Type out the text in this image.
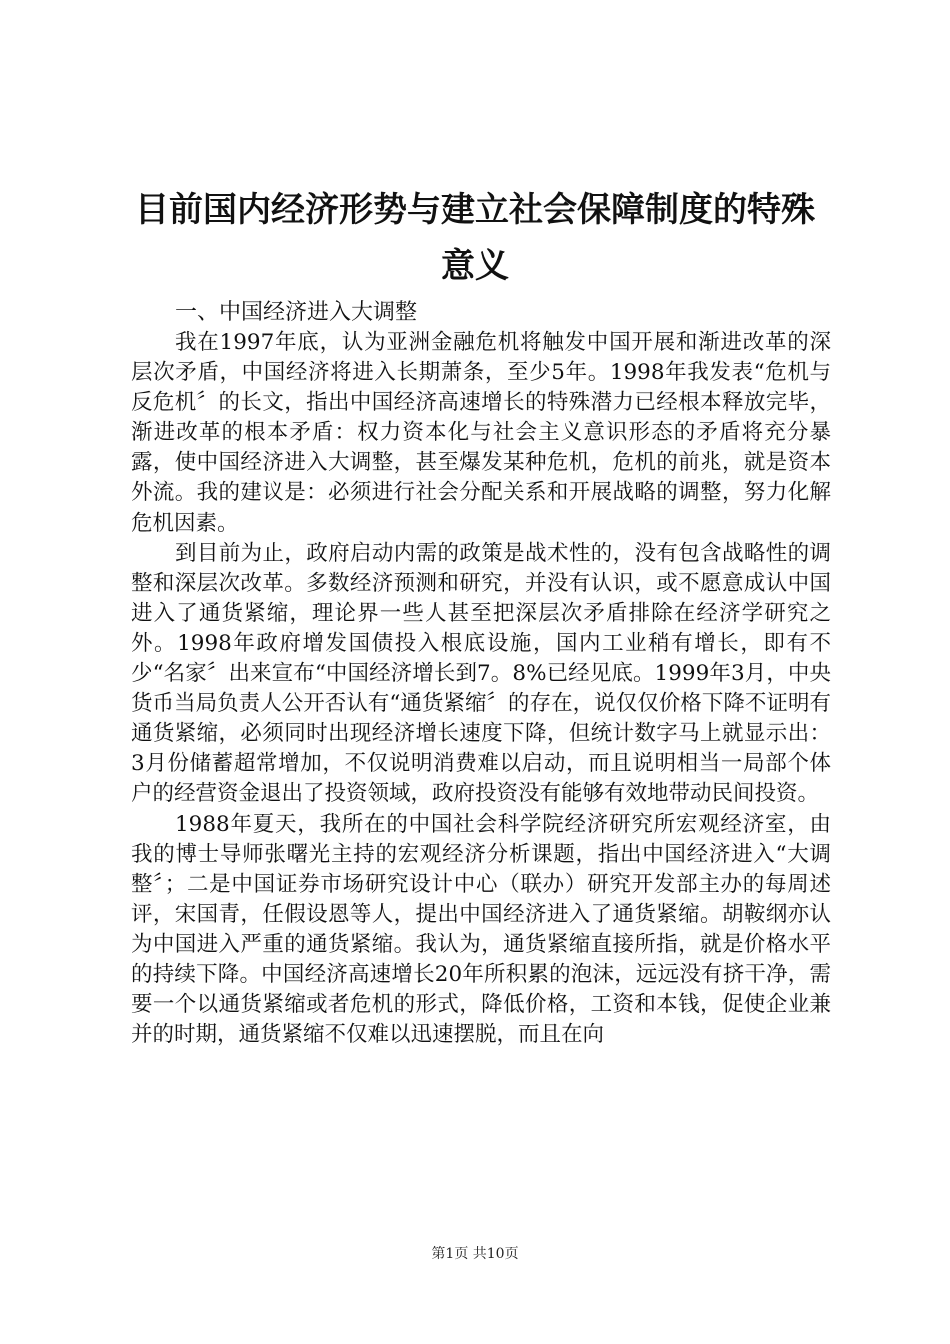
目前国内经济形势与建立社会保障制度的特殊
意义

一、中国经济进入大调整

我在1997年底，认为亚洲金融危机将触发中国开展和渐进改革的深层次矛盾，中国经济将进入长期萧条，至少5年。1998年我发表“危机与反危机〞的长文，指出中国经济高速增长的特殊潜力已经根本释放完毕，渐进改革的根本矛盾：权力资本化与社会主义意识形态的矛盾将充分暴露，使中国经济进入大调整，甚至爆发某种危机，危机的前兆，就是资本外流。我的建议是：必须进行社会分配关系和开展战略的调整，努力化解危机因素。

到目前为止，政府启动内需的政策是战术性的，没有包含战略性的调整和深层次改革。多数经济预测和研究，并没有认识，或不愿意成认中国进入了通货紧缩，理论界一些人甚至把深层次矛盾排除在经济学研究之外。1998年政府增发国债投入根底设施，国内工业稍有增长，即有不少“名家〞出来宣布“中国经济增长到7。8%已经见底。1999年3月，中央货币当局负责人公开否认有“通货紧缩〞的存在，说仅仅价格下降不证明有通货紧缩，必须同时出现经济增长速度下降，但统计数字马上就显示出：3月份储蓄超常增加，不仅说明消费难以启动，而且说明相当一局部个体户的经营资金退出了投资领域，政府投资没有能够有效地带动民间投资。

1988年夏天，我所在的中国社会科学院经济研究所宏观经济室，由我的博士导师张曙光主持的宏观经济分析课题，指出中国经济进入“大调整〞；二是中国证券市场研究设计中心（联办）研究开发部主办的每周述评，宋国青，任假设恩等人，提出中国经济进入了通货紧缩。胡鞍纲亦认为中国进入严重的通货紧缩。我认为，通货紧缩直接所指，就是价格水平的持续下降。中国经济高速增长20年所积累的泡沫，远远没有挤干净，需要一个以通货紧缩或者危机的形式，降低价格，工资和本钱，促使企业兼并的时期，通货紧缩不仅难以迅速摆脱，而且在向

第1页 共10页
